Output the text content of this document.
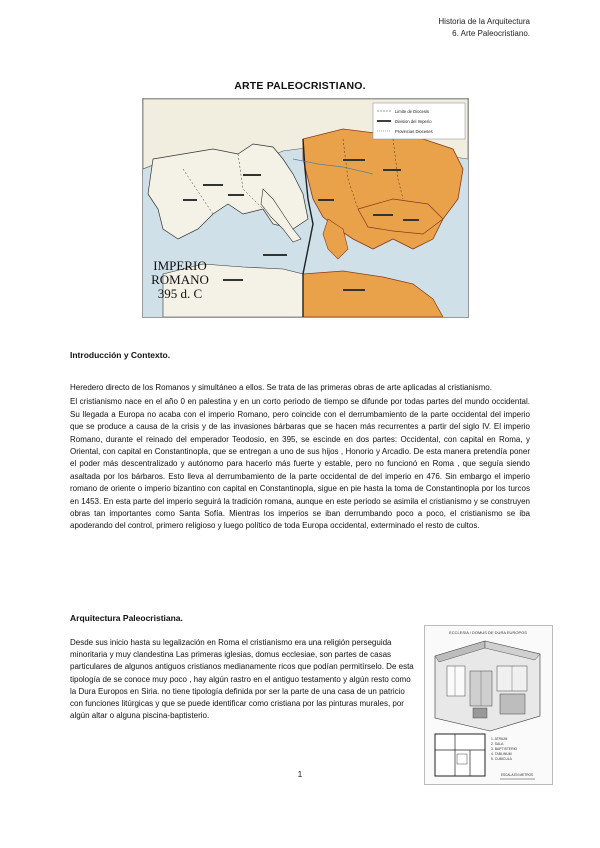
Historia de la Arquitectura
6. Arte Paleocristiano.
ARTE PALEOCRISTIANO.
Limite de Diocesis
Division del Imperio
Provincias Dioceses
IMPERIO
ROMANO
395 d. C
Introducción y Contexto.

Heredero directo de los Romanos y simultáneo a ellos. Se trata de las primeras obras de arte aplicadas al cristianismo.

El cristianismo nace en el año 0 en palestina y en un corto periodo de tiempo se difunde por todas partes del mundo occidental. Su llegada a Europa no acaba con el imperio Romano, pero coincide con el derrumbamiento de la parte occidental del imperio que se produce a causa de la crisis y de las invasiones bárbaras que se hacen más recurrentes a partir del siglo IV. El imperio Romano, durante el reinado del emperador Teodosio, en 395, se escinde en dos partes: Occidental, con capital en Roma, y Oriental, con capital en Constantinopla, que se entregan a uno de sus hijos , Honorio y Arcadio. De esta manera pretendía poner el poder más descentralizado y autónomo para hacerlo más fuerte y estable, pero no funcionó en Roma , que seguía siendo asaltada por los bárbaros. Esto lleva al derrumbamiento de la parte occidental de del imperio en 476. Sin embargo el imperio romano de oriente o imperio bizantino con capital en Constantinopla, sigue en pie hasta la toma de Constantinopla por los turcos en 1453. En esta parte del imperio seguirá la tradición romana, aunque en este periodo se asimila el cristianismo y se construyen obras tan importantes como Santa Sofía. Mientras los imperios se iban derrumbando poco a poco, el cristianismo se iba apoderando del control, primero religioso y luego político de toda Europa occidental, exterminado el resto de cultos.

Arquitectura Paleocristiana.

Desde sus inicio hasta su legalización en Roma el cristianismo era una religión perseguida minoritaria y muy clandestina Las primeras iglesias, domus ecclesiae, son partes de casas particulares de algunos antiguos cristianos medianamente ricos que podían permitírselo. De esta tipología de se conoce muy poco , hay algún rastro en el antiguo testamento y algún resto como la Dura Europos en Siria. no tiene tipología definida por ser la parte de una casa de un patricio con funciones litúrgicas y que se puede identificar como cristiana por las pinturas murales, por algún altar o alguna piscina-baptisterio.

ECCLESIA / DOMUS DE DURA EUROPOS
1. ATRIUM
2. SALA
3. BAPTISTERIO
4. TABLINUM
5. CUBICULA
ESCALA EN METROS
1
